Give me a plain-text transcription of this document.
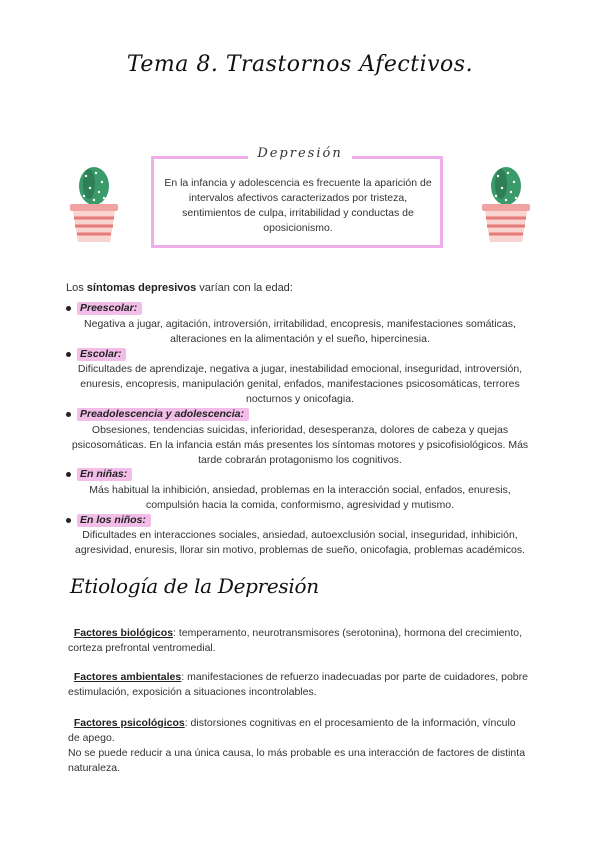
Tema 8. Trastornos Afectivos.
Depresión
En la infancia y adolescencia es frecuente la aparición de intervalos afectivos caracterizados por tristeza, sentimientos de culpa, irritabilidad y conductas de oposicionismo.
Los síntomas depresivos varían con la edad:
Preescolar:
Negativa a jugar, agitación, introversión, irritabilidad, encopresis, manifestaciones somáticas, alteraciones en la alimentación y el sueño, hipercinesia.
Escolar:
Dificultades de aprendizaje, negativa a jugar, inestabilidad emocional, inseguridad, introversión, enuresis, encopresis, manipulación genital, enfados, manifestaciones psicosomáticas, terrores nocturnos y onicofagia.
Preadolescencia y adolescencia:
Obsesiones, tendencias suicidas, inferioridad, desesperanza, dolores de cabeza y quejas psicosomáticas. En la infancia están más presentes los síntomas motores y psicofisiológicos. Más tarde cobrarán protagonismo los cognitivos.
En niñas:
Más habitual la inhibición, ansiedad, problemas en la interacción social, enfados, enuresis, compulsión hacia la comida, conformismo, agresividad y mutismo.
En los niños:
Dificultades en interacciones sociales, ansiedad, autoexclusión social, inseguridad, inhibición, agresividad, enuresis, llorar sin motivo, problemas de sueño, onicofagia, problemas académicos.
Etiología de la Depresión
Factores biológicos: temperamento, neurotransmisores (serotonina), hormona del crecimiento, corteza prefrontal ventromedial.
Factores ambientales: manifestaciones de refuerzo inadecuadas por parte de cuidadores, pobre estimulación, exposición a situaciones incontrolables.
Factores psicológicos: distorsiones cognitivas en el procesamiento de la información, vínculo de apego.
No se puede reducir a una única causa, lo más probable es una interacción de factores de distinta naturaleza.
